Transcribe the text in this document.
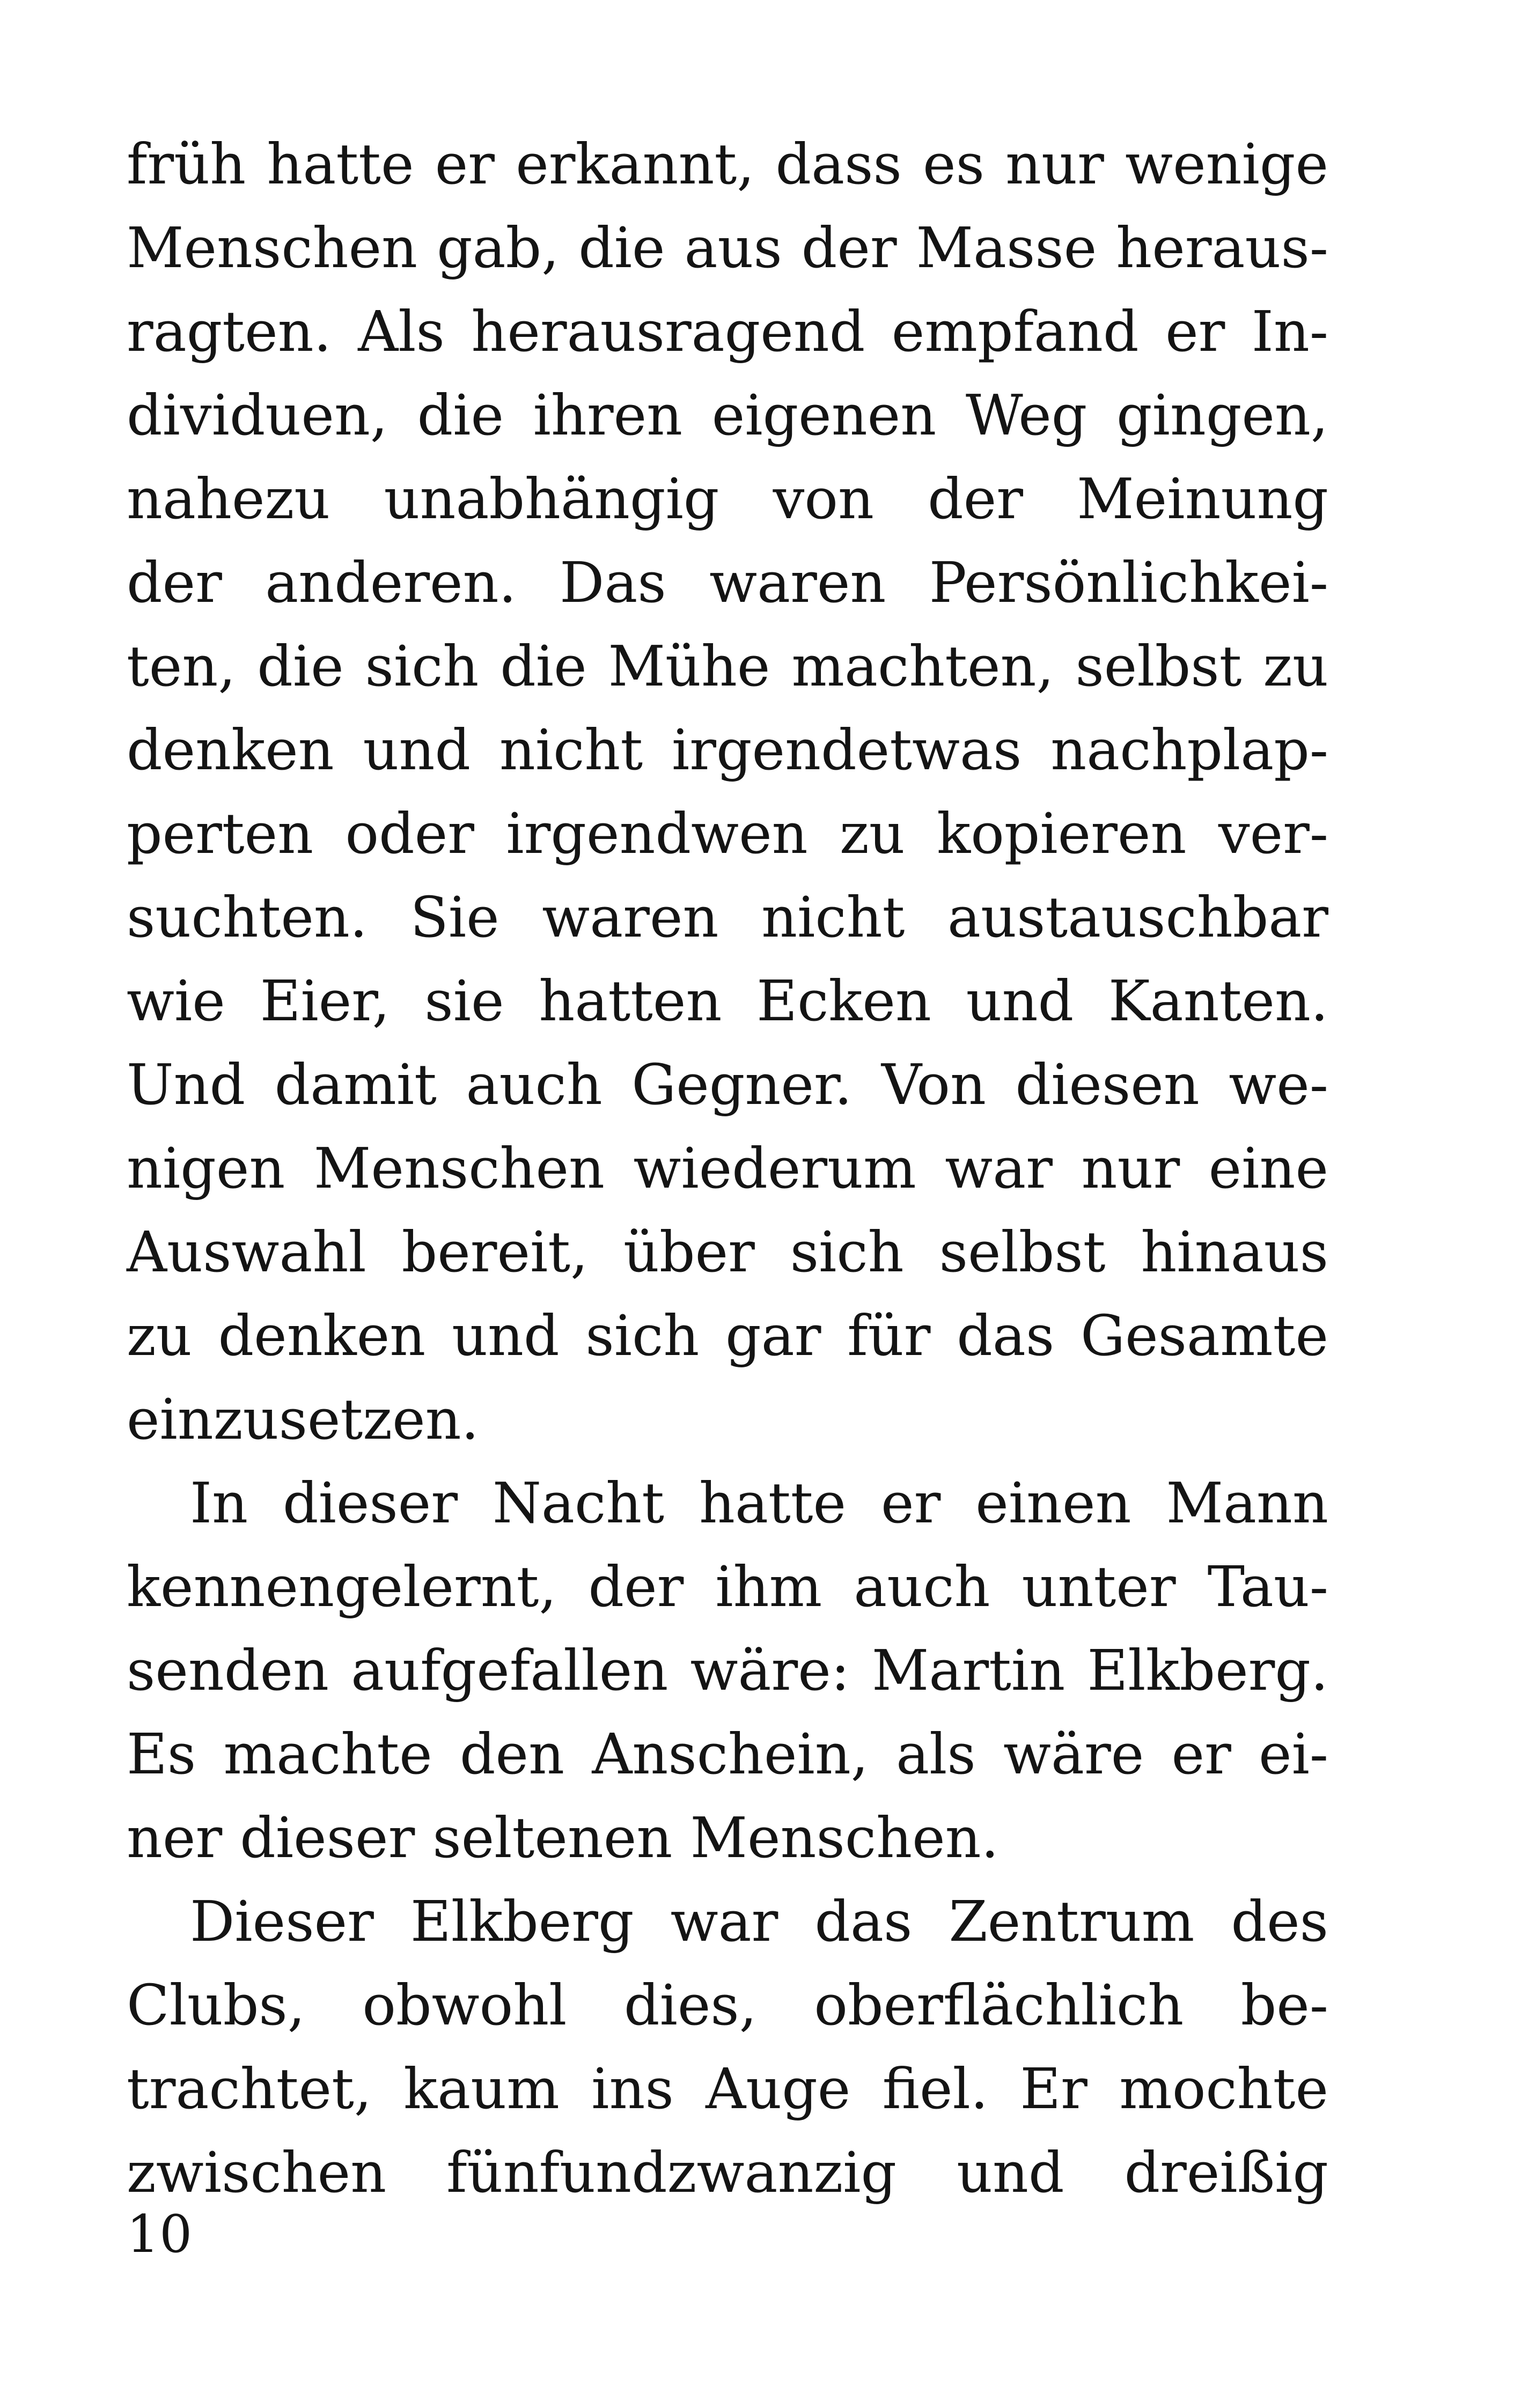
früh hatte er erkannt, dass es nur wenige
Menschen gab, die aus der Masse heraus-
ragten. Als herausragend empfand er In-
dividuen, die ihren eigenen Weg gingen,
nahezu unabhängig von der Meinung
der anderen. Das waren Persönlichkei-
ten, die sich die Mühe machten, selbst zu
denken und nicht irgendetwas nachplap-
perten oder irgendwen zu kopieren ver-
suchten. Sie waren nicht austauschbar
wie Eier, sie hatten Ecken und Kanten.
Und damit auch Gegner. Von diesen we-
nigen Menschen wiederum war nur eine
Auswahl bereit, über sich selbst hinaus
zu denken und sich gar für das Gesamte
einzusetzen.
In dieser Nacht hatte er einen Mann
kennengelernt, der ihm auch unter Tau-
senden aufgefallen wäre: Martin Elkberg.
Es machte den Anschein, als wäre er ei-
ner dieser seltenen Menschen.
Dieser Elkberg war das Zentrum des
Clubs, obwohl dies, oberflächlich be-
trachtet, kaum ins Auge fiel. Er mochte
zwischen fünfundzwanzig und dreißig
10
